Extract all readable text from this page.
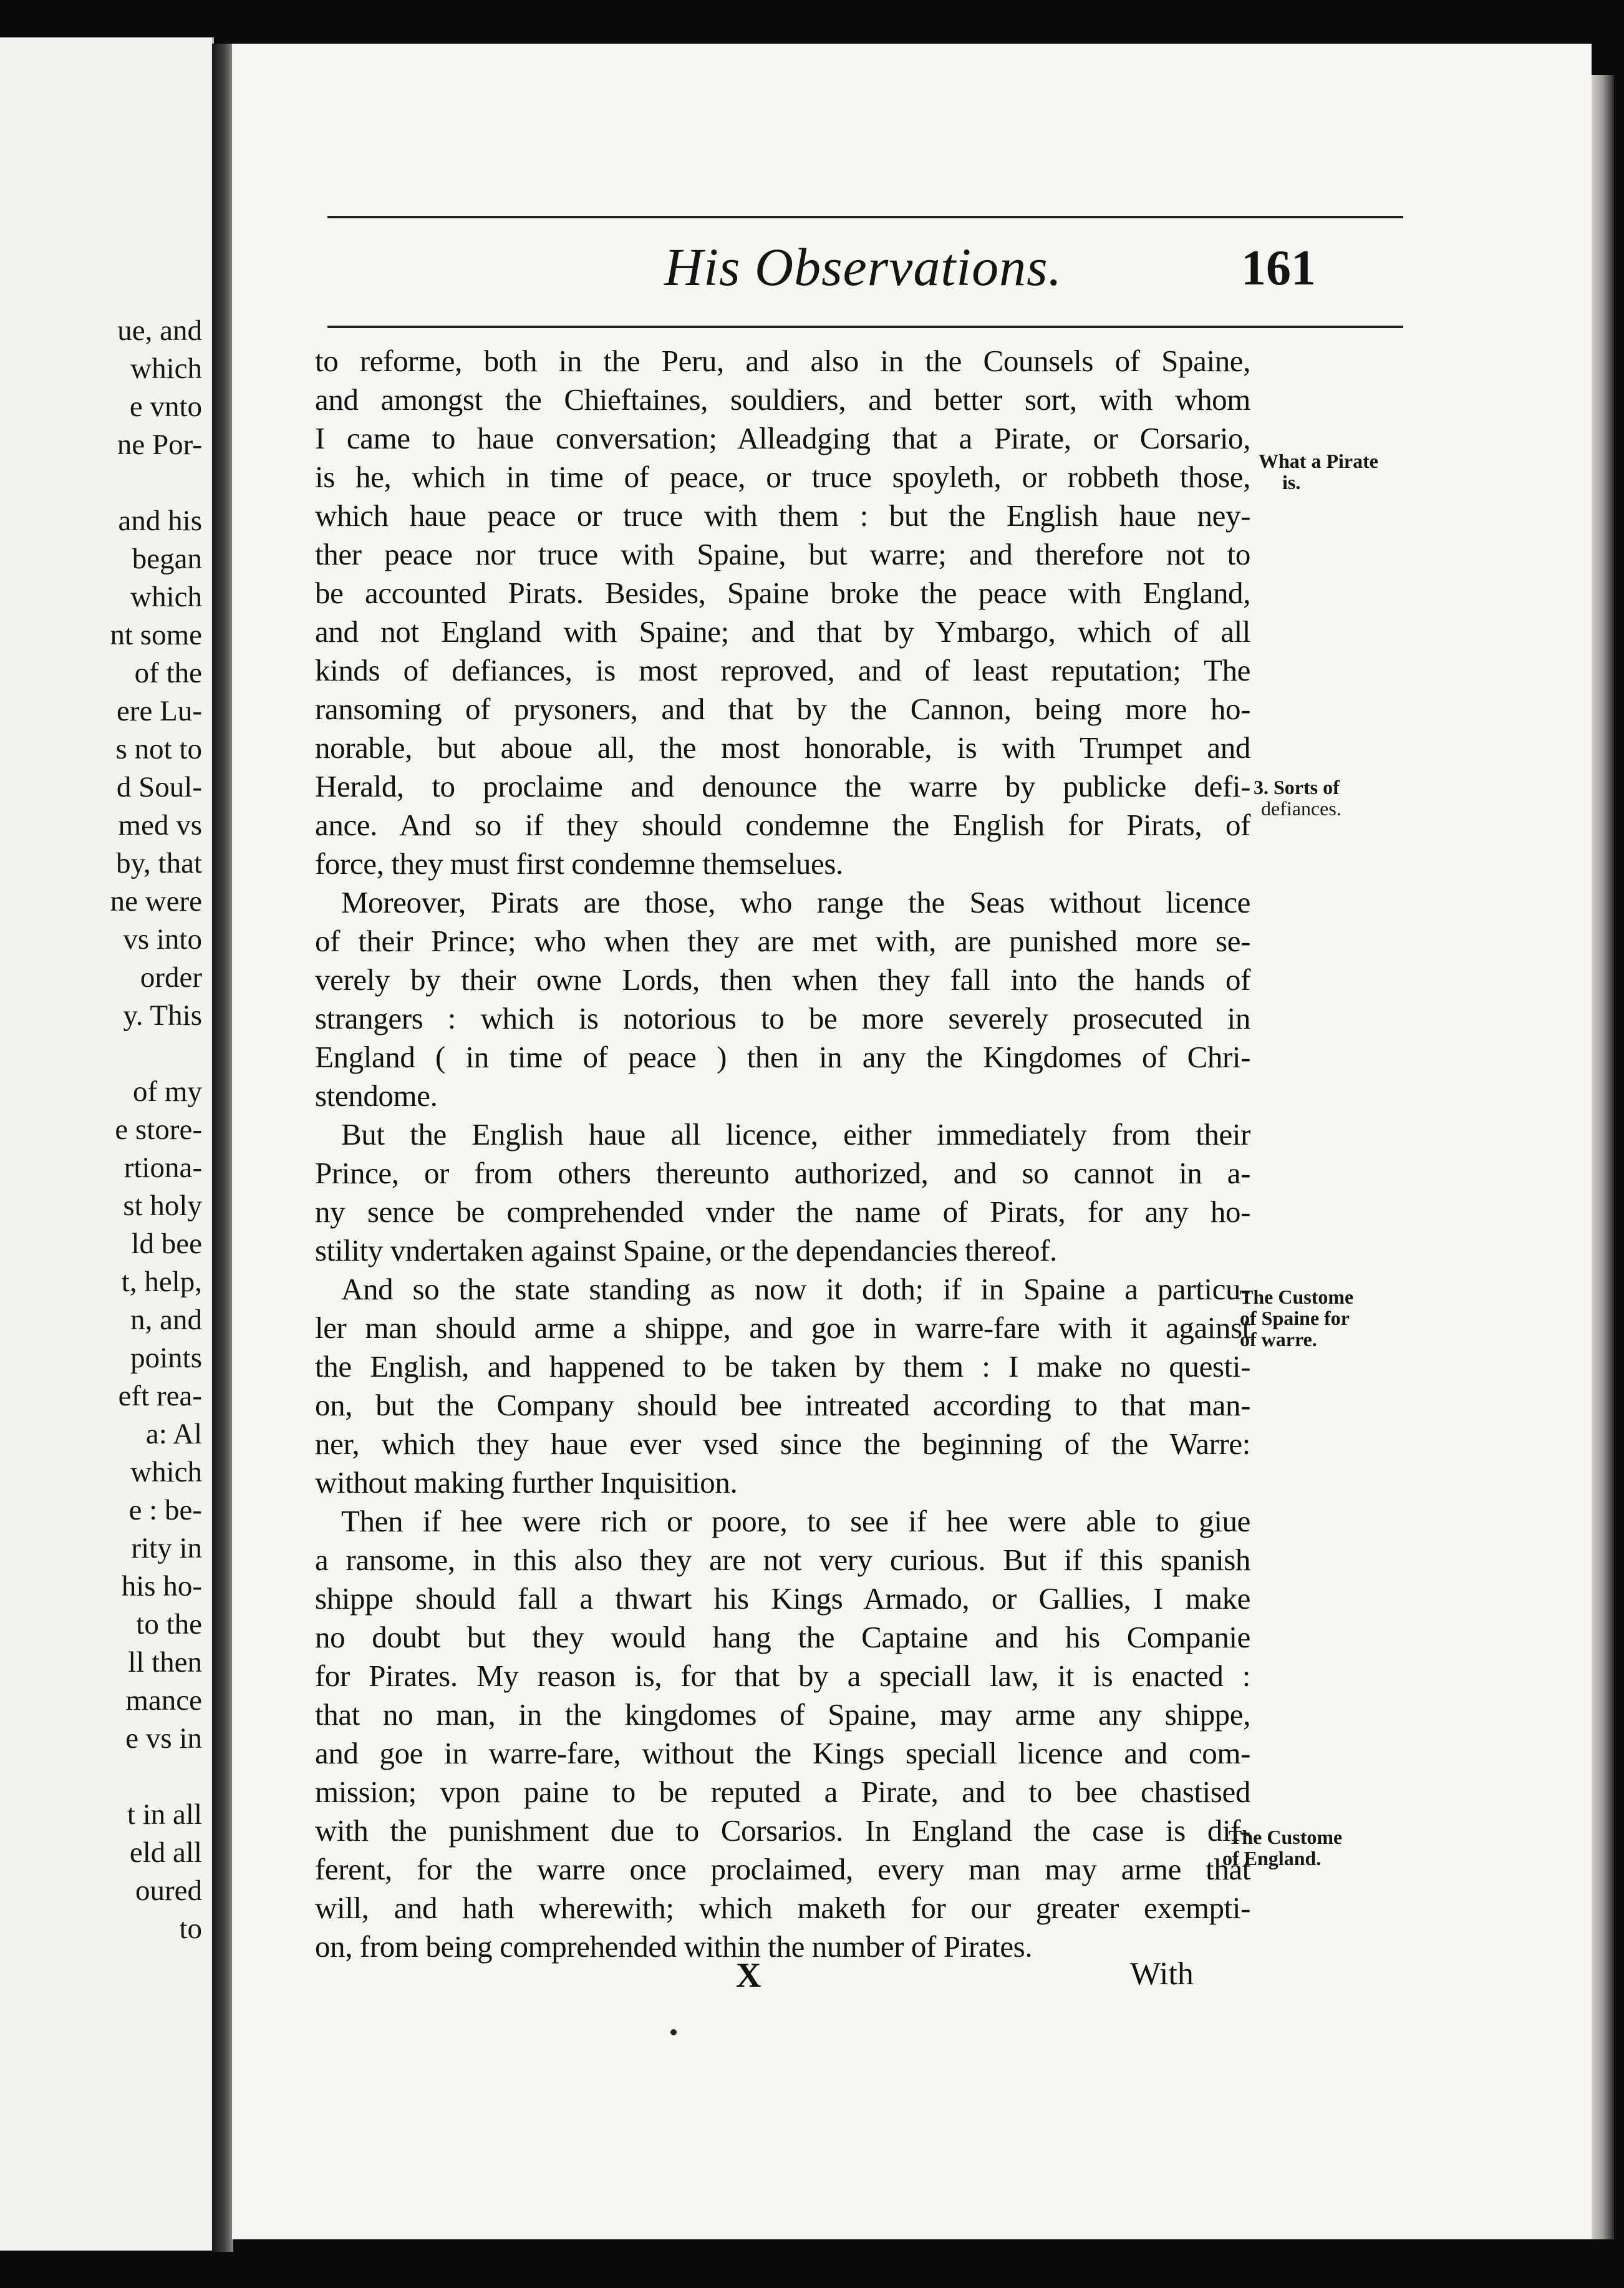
ue, and
which
e vnto
ne Por-
and his
began
which
nt some
of the
ere Lu-
s not to
d Soul-
med vs
by, that
ne were
vs into
order
y. This
of my
e store-
rtiona-
st holy
ld bee
t, help,
n, and
points
eft rea-
a: Al
which
e : be-
rity in
his ho-
to the
ll then
mance
e vs in
t in all
eld all
oured
to
His Observations.	161
to reforme, both in the Peru, and also in the Counsels of Spaine,
and amongst the Chieftaines, souldiers, and better sort, with whom
I came to haue conversation; Alleadging that a Pirate, or Corsario,
is he, which in time of peace, or truce spoyleth, or robbeth those,
which haue peace or truce with them : but the English haue ney-
ther peace nor truce with Spaine, but warre; and therefore not to
be accounted Pirats. Besides, Spaine broke the peace with England,
and not England with Spaine; and that by Ymbargo, which of all
kinds of defiances, is most reproved, and of least reputation; The
ransoming of prysoners, and that by the Cannon, being more ho-
norable, but aboue all, the most honorable, is with Trumpet and
Herald, to proclaime and denounce the warre by publicke defi-
ance. And so if they should condemne the English for Pirats, of
force, they must first condemne themselues.
Moreover, Pirats are those, who range the Seas without licence
of their Prince; who when they are met with, are punished more se-
verely by their owne Lords, then when they fall into the hands of
strangers : which is notorious to be more severely prosecuted in
England ( in time of peace ) then in any the Kingdomes of Chri-
stendome.
But the English haue all licence, either immediately from their
Prince, or from others thereunto authorized, and so cannot in a-
ny sence be comprehended vnder the name of Pirats, for any ho-
stility vndertaken against Spaine, or the dependancies thereof.
And so the state standing as now it doth; if in Spaine a particu-
ler man should arme a shippe, and goe in warre-fare with it against
the English, and happened to be taken by them : I make no questi-
on, but the Company should bee intreated according to that man-
ner, which they haue ever vsed since the beginning of the Warre:
without making further Inquisition.
Then if hee were rich or poore, to see if hee were able to giue
a ransome, in this also they are not very curious. But if this spanish
shippe should fall a thwart his Kings Armado, or Gallies, I make
no doubt but they would hang the Captaine and his Companie
for Pirates. My reason is, for that by a speciall law, it is enacted :
that no man, in the kingdomes of Spaine, may arme any shippe,
and goe in warre-fare, without the Kings speciall licence and com-
mission; vpon paine to be reputed a Pirate, and to bee chastised
with the punishment due to Corsarios. In England the case is dif-
ferent, for the warre once proclaimed, every man may arme that
will, and hath wherewith; which maketh for our greater exempti-
on, from being comprehended within the number of Pirates.
What a Pirate
is.
3. Sorts of
defiances.
The Custome
of Spaine for
of warre.
The Custome
of England.
X	With
